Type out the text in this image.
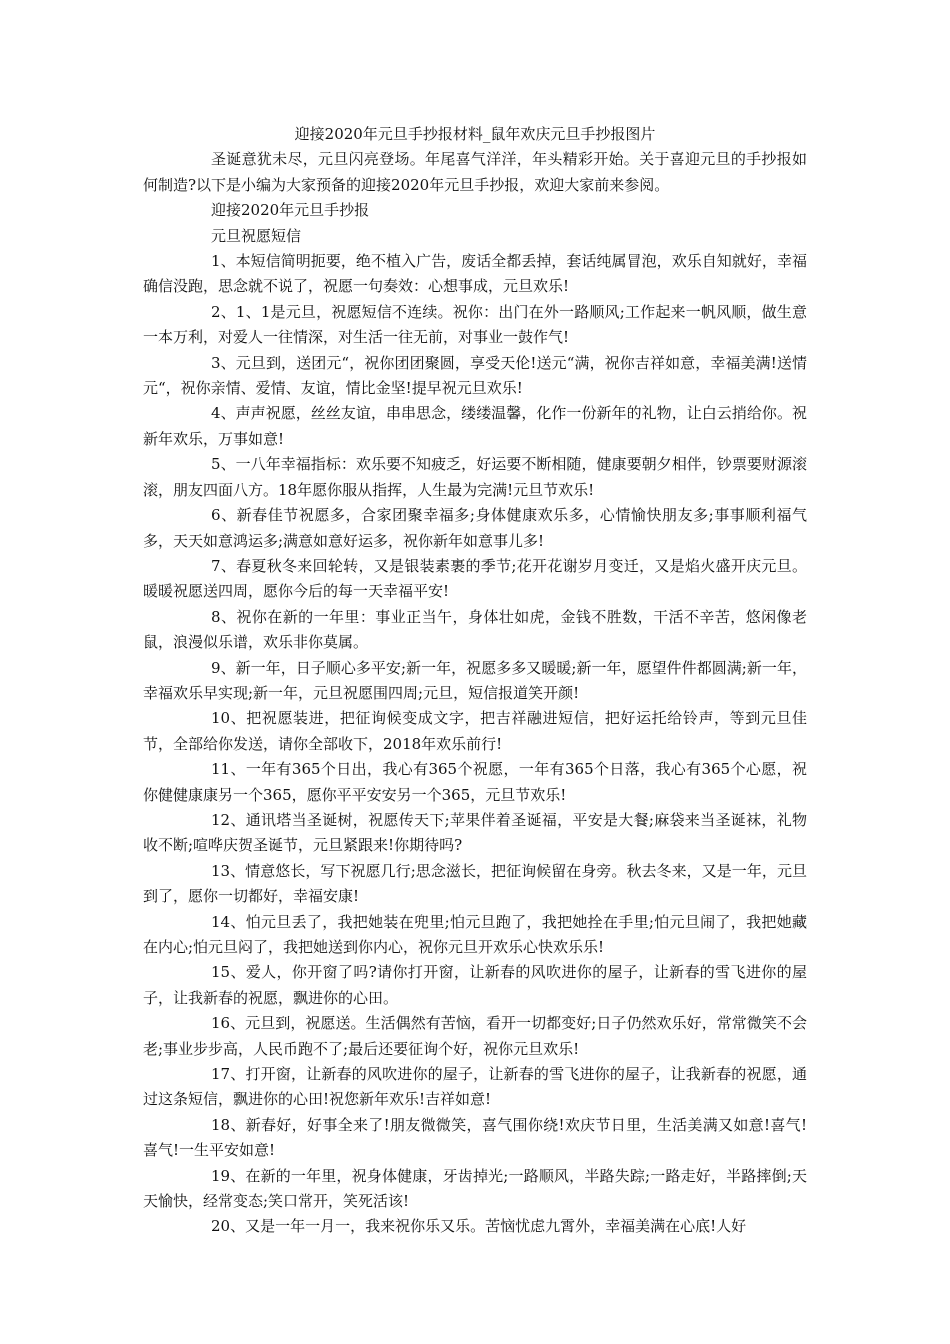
迎接2020年元旦手抄报材料_鼠年欢庆元旦手抄报图片

圣诞意犹未尽，元旦闪亮登场。年尾喜气洋洋，年头精彩开始。关于喜迎元旦的手抄报如何制造?以下是小编为大家预备的迎接2020年元旦手抄报，欢迎大家前来参阅。

迎接2020年元旦手抄报

元旦祝愿短信

1、本短信简明扼要，绝不植入广告，废话全都丢掉，套话纯属冒泡，欢乐自知就好，幸福确信没跑，思念就不说了，祝愿一句奏效：心想事成，元旦欢乐!

2、1、1是元旦，祝愿短信不连续。祝你：出门在外一路顺风;工作起来一帆风顺，做生意一本万利，对爱人一往情深，对生活一往无前，对事业一鼓作气!

3、元旦到，送团元“，祝你团团聚圆，享受天伦!送元“满，祝你吉祥如意，幸福美满!送情元“，祝你亲情、爱情、友谊，情比金坚!提早祝元旦欢乐!

4、声声祝愿，丝丝友谊，串串思念，缕缕温馨，化作一份新年的礼物，让白云捎给你。祝新年欢乐，万事如意!

5、一八年幸福指标：欢乐要不知疲乏，好运要不断相随，健康要朝夕相伴，钞票要财源滚滚，朋友四面八方。18年愿你服从指挥，人生最为完满!元旦节欢乐!

6、新春佳节祝愿多，合家团聚幸福多;身体健康欢乐多，心情愉快朋友多;事事顺利福气多，天天如意鸿运多;满意如意好运多，祝你新年如意事儿多!

7、春夏秋冬来回轮转，又是银装素裹的季节;花开花谢岁月变迁，又是焰火盛开庆元旦。暖暖祝愿送四周，愿你今后的每一天幸福平安!

8、祝你在新的一年里：事业正当午，身体壮如虎，金钱不胜数，干活不辛苦，悠闲像老鼠，浪漫似乐谱，欢乐非你莫属。

9、新一年，日子顺心多平安;新一年，祝愿多多又暖暖;新一年，愿望件件都圆满;新一年，幸福欢乐早实现;新一年，元旦祝愿围四周;元旦，短信报道笑开颜!

10、把祝愿装进，把征询候变成文字，把吉祥融进短信，把好运托给铃声，等到元旦佳节，全部给你发送，请你全部收下，2018年欢乐前行!

11、一年有365个日出，我心有365个祝愿，一年有365个日落，我心有365个心愿，祝你健健康康另一个365，愿你平平安安另一个365，元旦节欢乐!

12、通讯塔当圣诞树，祝愿传天下;苹果伴着圣诞福，平安是大餐;麻袋来当圣诞袜，礼物收不断;喧哗庆贺圣诞节，元旦紧跟来!你期待吗?

13、情意悠长，写下祝愿几行;思念滋长，把征询候留在身旁。秋去冬来，又是一年，元旦到了，愿你一切都好，幸福安康!

14、怕元旦丢了，我把她装在兜里;怕元旦跑了，我把她拴在手里;怕元旦闹了，我把她藏在内心;怕元旦闷了，我把她送到你内心，祝你元旦开欢乐心快欢乐乐!

15、爱人，你开窗了吗?请你打开窗，让新春的风吹进你的屋子，让新春的雪飞进你的屋子，让我新春的祝愿，飘进你的心田。

16、元旦到，祝愿送。生活偶然有苦恼，看开一切都变好;日子仍然欢乐好，常常微笑不会老;事业步步高，人民币跑不了;最后还要征询个好，祝你元旦欢乐!

17、打开窗，让新春的风吹进你的屋子，让新春的雪飞进你的屋子，让我新春的祝愿，通过这条短信，飘进你的心田!祝您新年欢乐!吉祥如意!

18、新春好，好事全来了!朋友微微笑，喜气围你绕!欢庆节日里，生活美满又如意!喜气!喜气!一生平安如意!

19、在新的一年里，祝身体健康，牙齿掉光;一路顺风，半路失踪;一路走好，半路摔倒;天天愉快，经常变态;笑口常开，笑死活该!

20、又是一年一月一，我来祝你乐又乐。苦恼忧虑九霄外，幸福美满在心底!人好
